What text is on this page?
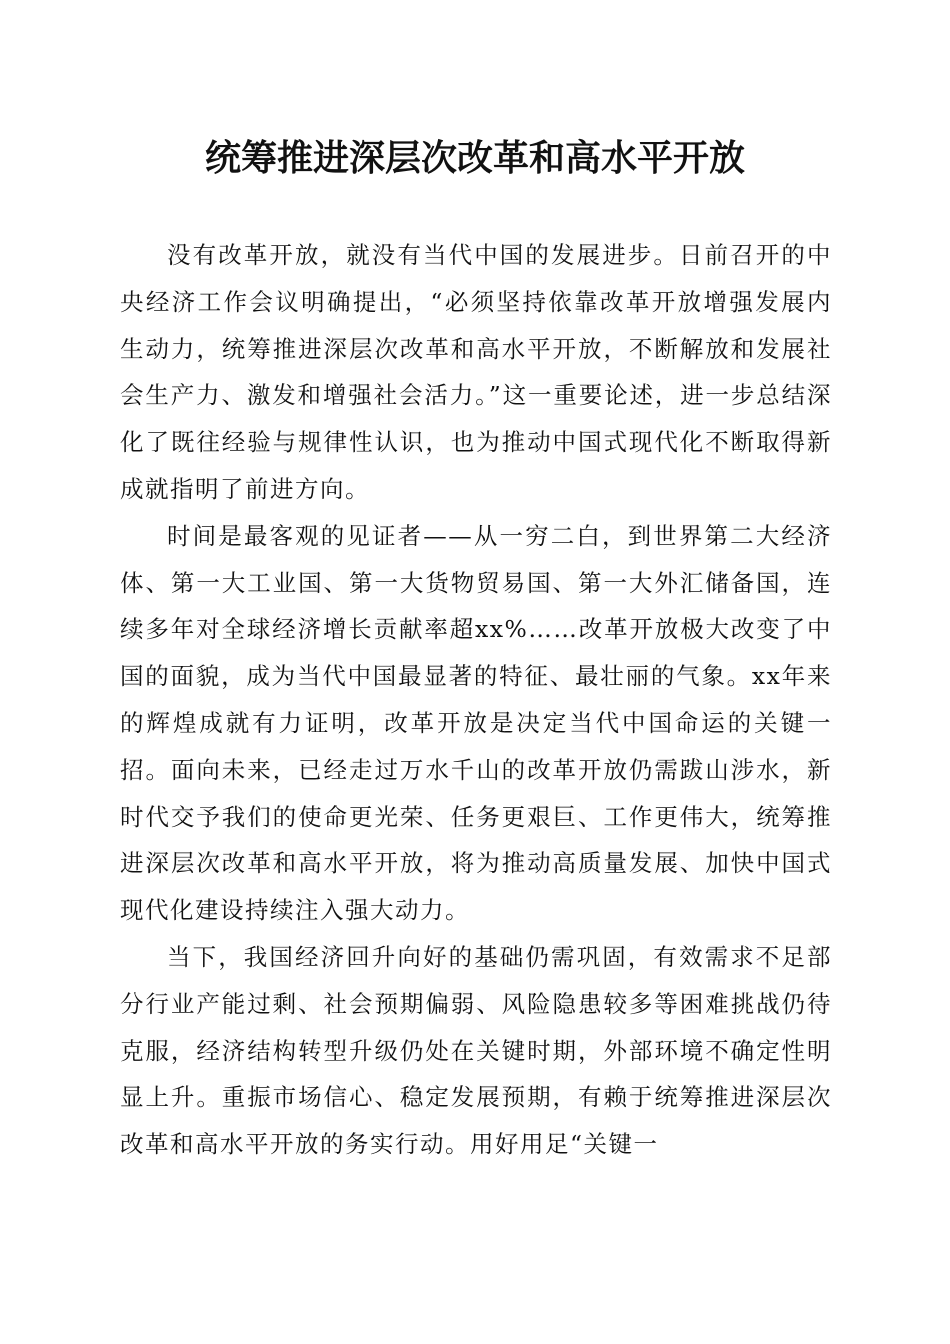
统筹推进深层次改革和高水平开放

没有改革开放，就没有当代中国的发展进步。日前召开的中央经济工作会议明确提出，“必须坚持依靠改革开放增强发展内生动力，统筹推进深层次改革和高水平开放，不断解放和发展社会生产力、激发和增强社会活力。”这一重要论述，进一步总结深化了既往经验与规律性认识，也为推动中国式现代化不断取得新成就指明了前进方向。

时间是最客观的见证者——从一穷二白，到世界第二大经济体、第一大工业国、第一大货物贸易国、第一大外汇储备国，连续多年对全球经济增长贡献率超xx%……改革开放极大改变了中国的面貌，成为当代中国最显著的特征、最壮丽的气象。xx年来的辉煌成就有力证明，改革开放是决定当代中国命运的关键一招。面向未来，已经走过万水千山的改革开放仍需跋山涉水，新时代交予我们的使命更光荣、任务更艰巨、工作更伟大，统筹推进深层次改革和高水平开放，将为推动高质量发展、加快中国式现代化建设持续注入强大动力。

当下，我国经济回升向好的基础仍需巩固，有效需求不足部分行业产能过剩、社会预期偏弱、风险隐患较多等困难挑战仍待克服，经济结构转型升级仍处在关键时期，外部环境不确定性明显上升。重振市场信心、稳定发展预期，有赖于统筹推进深层次改革和高水平开放的务实行动。用好用足“关键一
